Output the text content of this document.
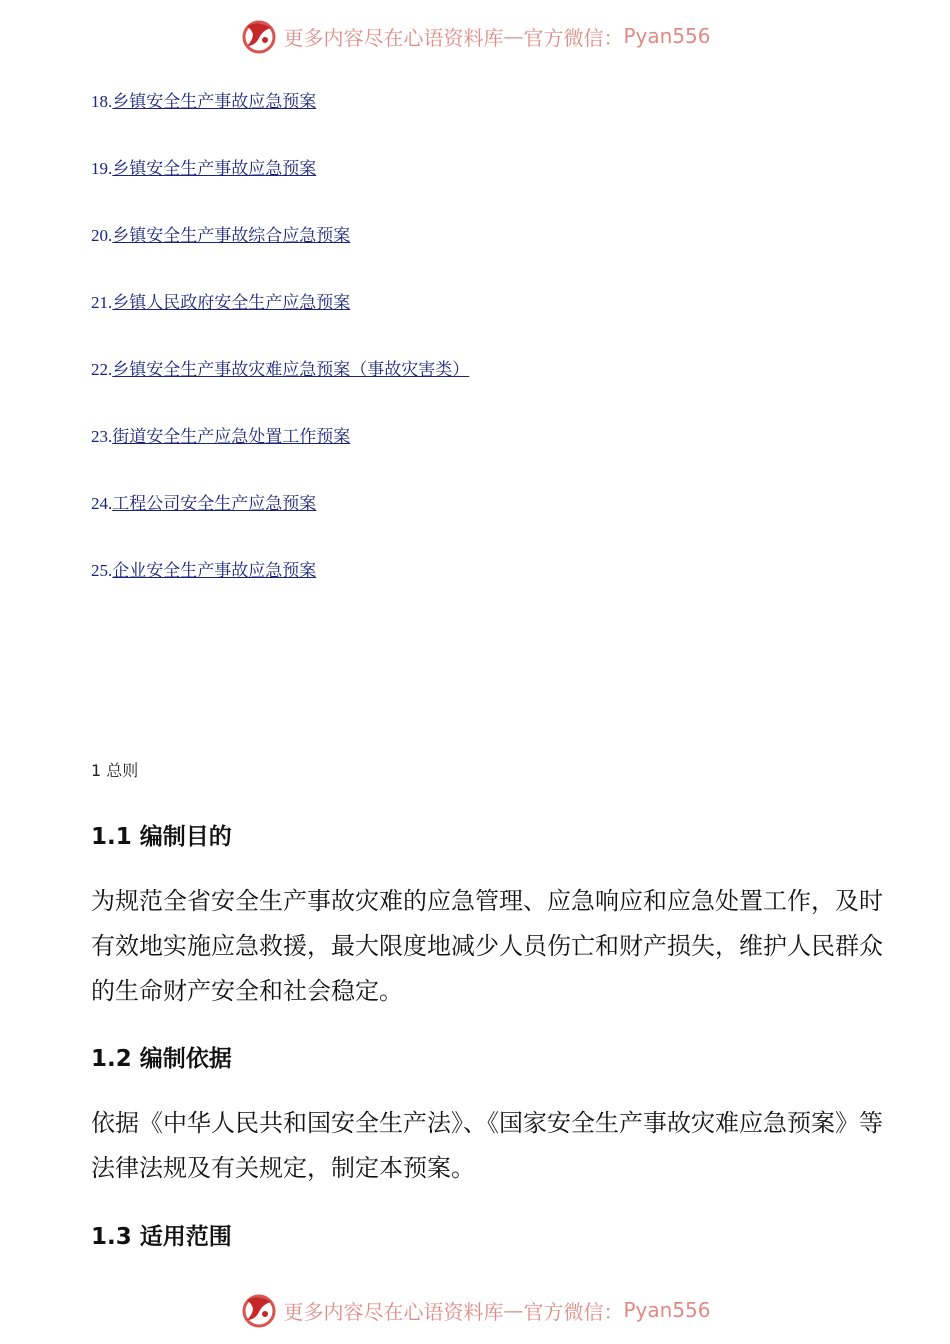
更多内容尽在心语资料库 — 官方微信： Pyan556
18.乡镇安全生产事故应急预案
19.乡镇安全生产事故应急预案
20.乡镇安全生产事故综合应急预案
21.乡镇人民政府安全生产应急预案
22.乡镇安全生产事故灾难应急预案（事故灾害类）
23.街道安全生产应急处置工作预案
24.工程公司安全生产应急预案
25.企业安全生产事故应急预案
1 总则
1.1 编制目的

为规范全省安全生产事故灾难的应急管理、应急响应和应急处置工作，及时有效地实施应急救援，最大限度地减少人员伤亡和财产损失，维护人民群众的生命财产安全和社会稳定。

1.2 编制依据

依据《中华人民共和国安全生产法》、《国家安全生产事故灾难应急预案》等法律法规及有关规定，制定本预案。

1.3 适用范围
更多内容尽在心语资料库 — 官方微信： Pyan556
